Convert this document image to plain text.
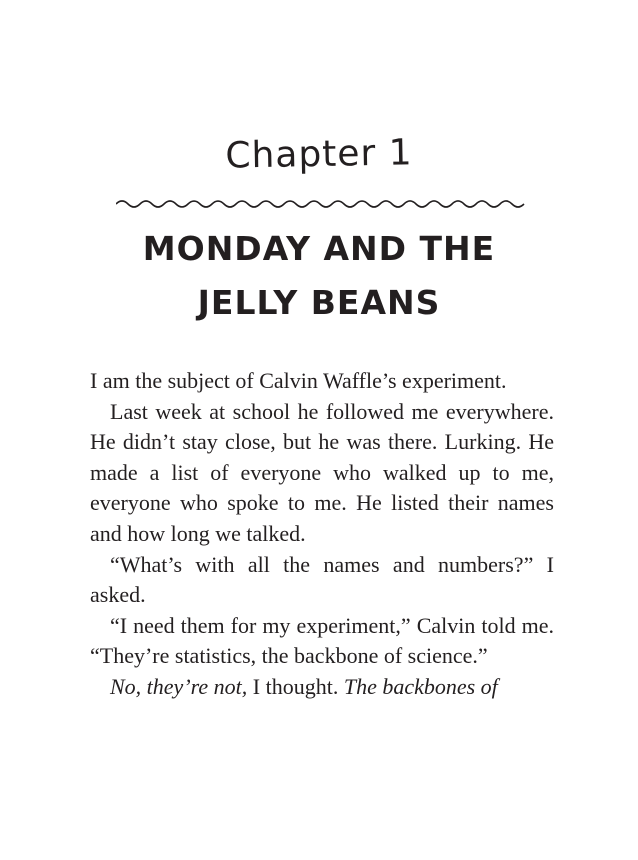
Chapter 1
MONDAY AND THE
JELLY BEANS

I am the subject of Calvin Waffle’s experiment.

Last week at school he followed me everywhere. He didn’t stay close, but he was there. Lurking. He made a list of everyone who walked up to me, everyone who spoke to me. He listed their names and how long we talked.

“What’s with all the names and numbers?” I asked.

“I need them for my experiment,” Calvin told me. “They’re statistics, the backbone of science.”

No, they’re not, I thought. The backbones of
